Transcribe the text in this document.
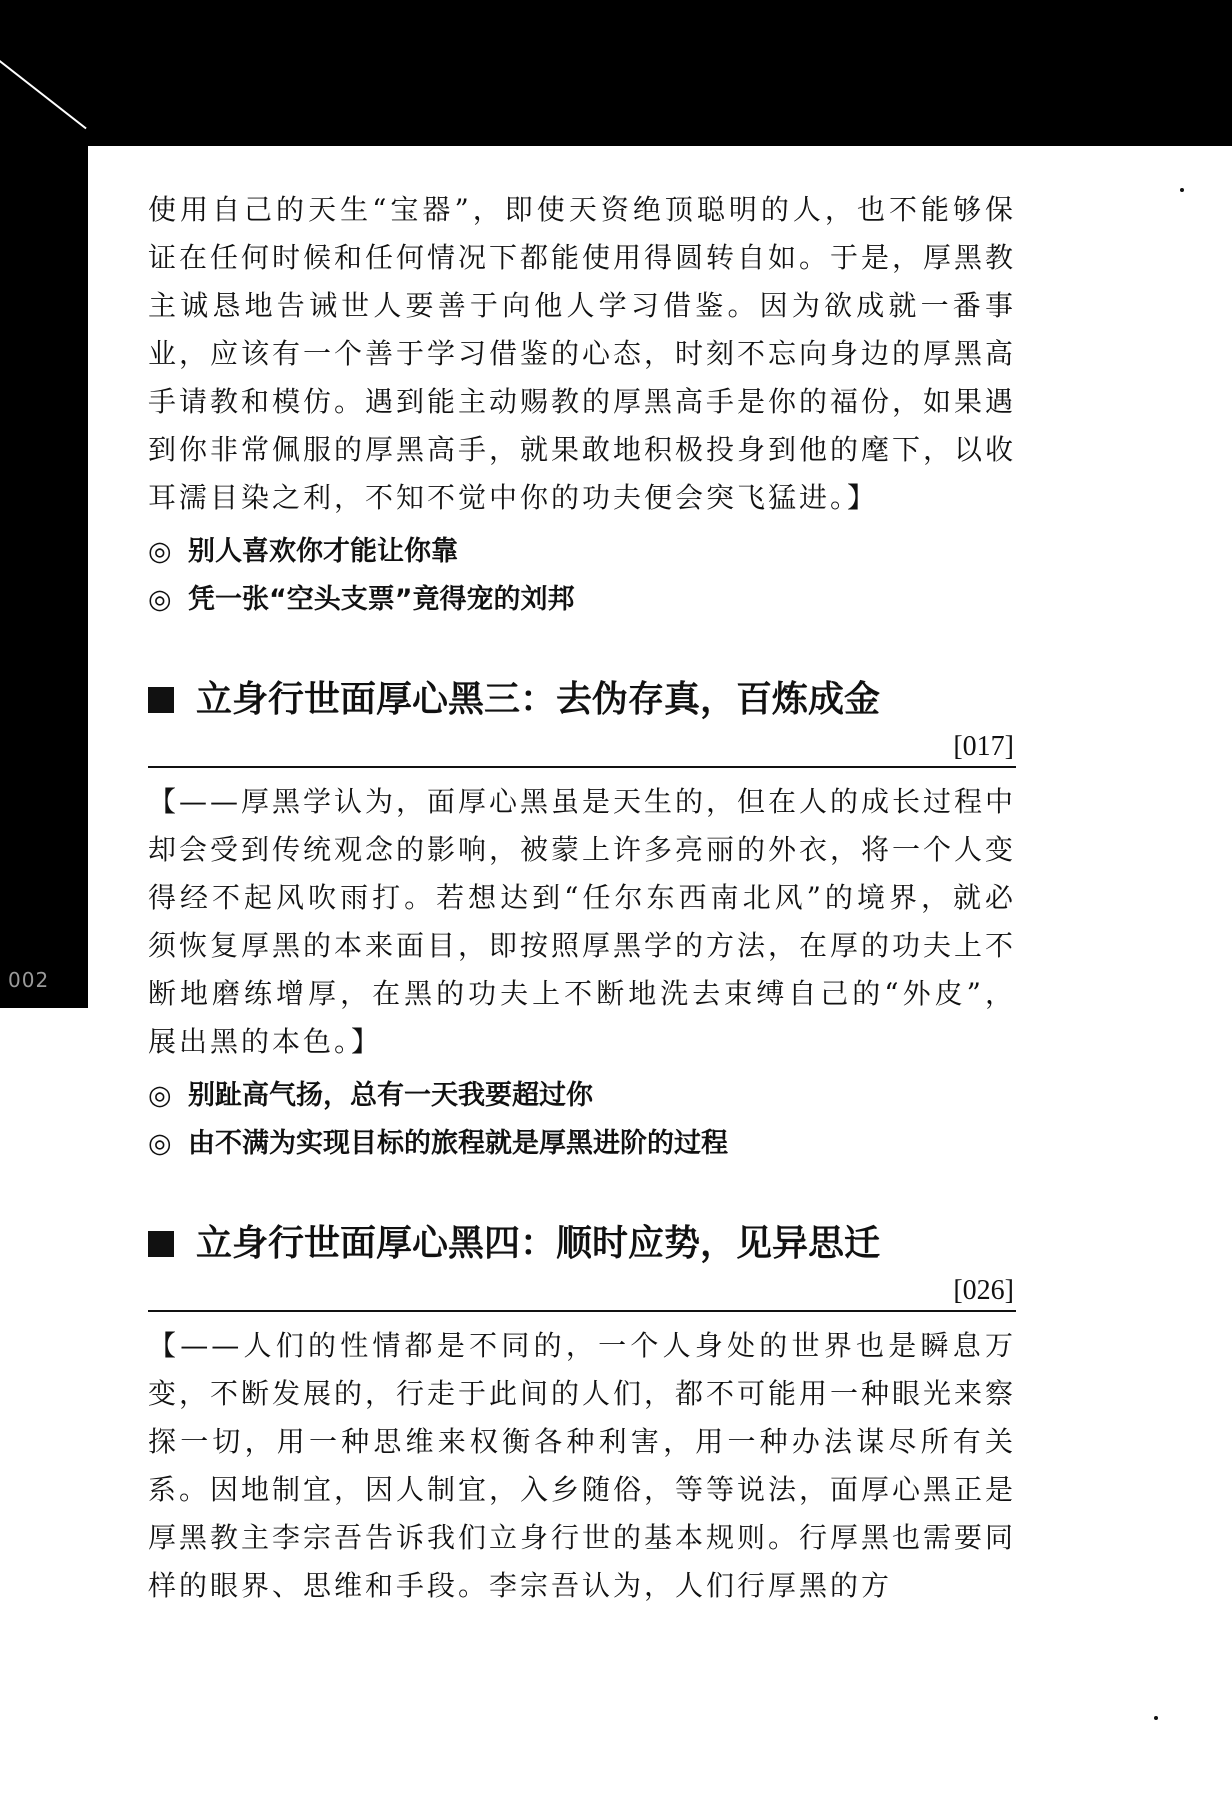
002

使用自己的天生“宝器”，即使天资绝顶聪明的人，也不能够保证在任何时候和任何情况下都能使用得圆转自如。于是，厚黑教主诚恳地告诫世人要善于向他人学习借鉴。因为欲成就一番事业，应该有一个善于学习借鉴的心态，时刻不忘向身边的厚黑高手请教和模仿。遇到能主动赐教的厚黑高手是你的福份，如果遇到你非常佩服的厚黑高手，就果敢地积极投身到他的麾下，以收耳濡目染之利，不知不觉中你的功夫便会突飞猛进。】

◎ 别人喜欢你才能让你靠
◎ 凭一张“空头支票”竟得宠的刘邦
立身行世面厚心黑三：去伪存真，百炼成金
[017]

【——厚黑学认为，面厚心黑虽是天生的，但在人的成长过程中却会受到传统观念的影响，被蒙上许多亮丽的外衣，将一个人变得经不起风吹雨打。若想达到“任尔东西南北风”的境界，就必须恢复厚黑的本来面目，即按照厚黑学的方法，在厚的功夫上不断地磨练增厚，在黑的功夫上不断地洗去束缚自己的“外皮”，展出黑的本色。】

◎ 别趾高气扬，总有一天我要超过你
◎ 由不满为实现目标的旅程就是厚黑进阶的过程
立身行世面厚心黑四：顺时应势，见异思迁
[026]

【——人们的性情都是不同的，一个人身处的世界也是瞬息万变，不断发展的，行走于此间的人们，都不可能用一种眼光来察探一切，用一种思维来权衡各种利害，用一种办法谋尽所有关系。因地制宜，因人制宜，入乡随俗，等等说法，面厚心黑正是厚黑教主李宗吾告诉我们立身行世的基本规则。行厚黑也需要同样的眼界、思维和手段。李宗吾认为，人们行厚黑的方
